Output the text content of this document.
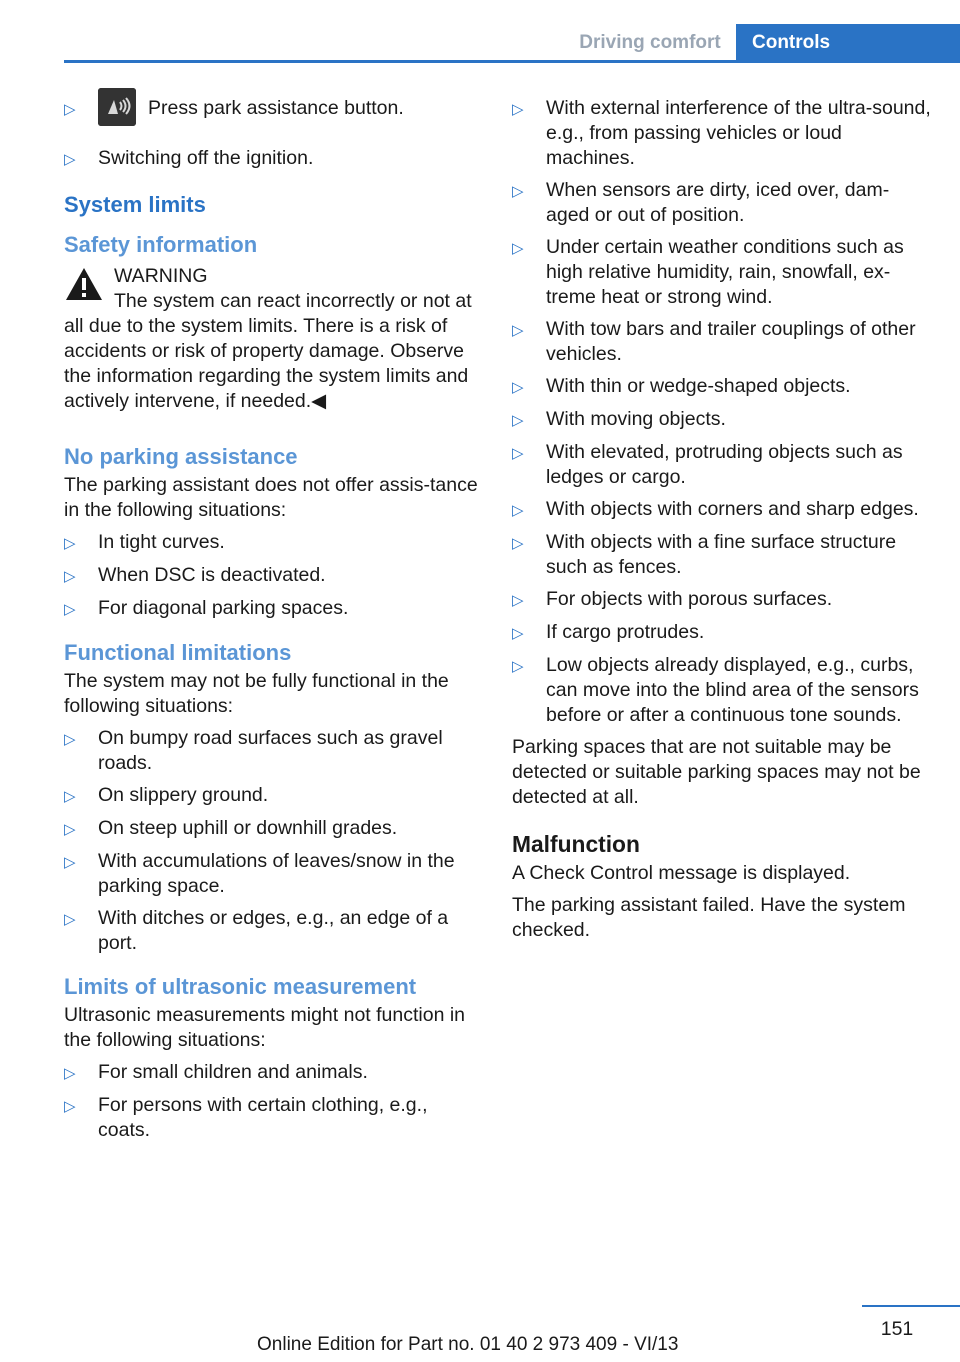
Driving comfort	Controls
▷	Press park assistance button.
▷	Switching off the ignition.
System limits
Safety information
WARNING
The system can react incorrectly or not at all due to the system limits. There is a risk of accidents or risk of property damage. Observe the information regarding the system limits and actively intervene, if needed.◀
No parking assistance

The parking assistant does not offer assis‐tance in the following situations:

▷	In tight curves.
▷	When DSC is deactivated.
▷	For diagonal parking spaces.
Functional limitations

The system may not be fully functional in the following situations:

▷	On bumpy road surfaces such as gravel roads.
▷	On slippery ground.
▷	On steep uphill or downhill grades.
▷	With accumulations of leaves/snow in the parking space.
▷	With ditches or edges, e.g., an edge of a port.
Limits of ultrasonic measurement

Ultrasonic measurements might not function in the following situations:

▷	For small children and animals.
▷	For persons with certain clothing, e.g., coats.
▷	With external interference of the ultra‐sound, e.g., from passing vehicles or loud machines.
▷	When sensors are dirty, iced over, dam‐aged or out of position.
▷	Under certain weather conditions such as high relative humidity, rain, snowfall, ex‐treme heat or strong wind.
▷	With tow bars and trailer couplings of other vehicles.
▷	With thin or wedge-shaped objects.
▷	With moving objects.
▷	With elevated, protruding objects such as ledges or cargo.
▷	With objects with corners and sharp edges.
▷	With objects with a fine surface structure such as fences.
▷	For objects with porous surfaces.
▷	If cargo protrudes.
▷	Low objects already displayed, e.g., curbs, can move into the blind area of the sensors before or after a continuous tone sounds.

Parking spaces that are not suitable may be detected or suitable parking spaces may not be detected at all.

Malfunction

A Check Control message is displayed.

The parking assistant failed. Have the system checked.

151
Online Edition for Part no. 01 40 2 973 409 - VI/13
